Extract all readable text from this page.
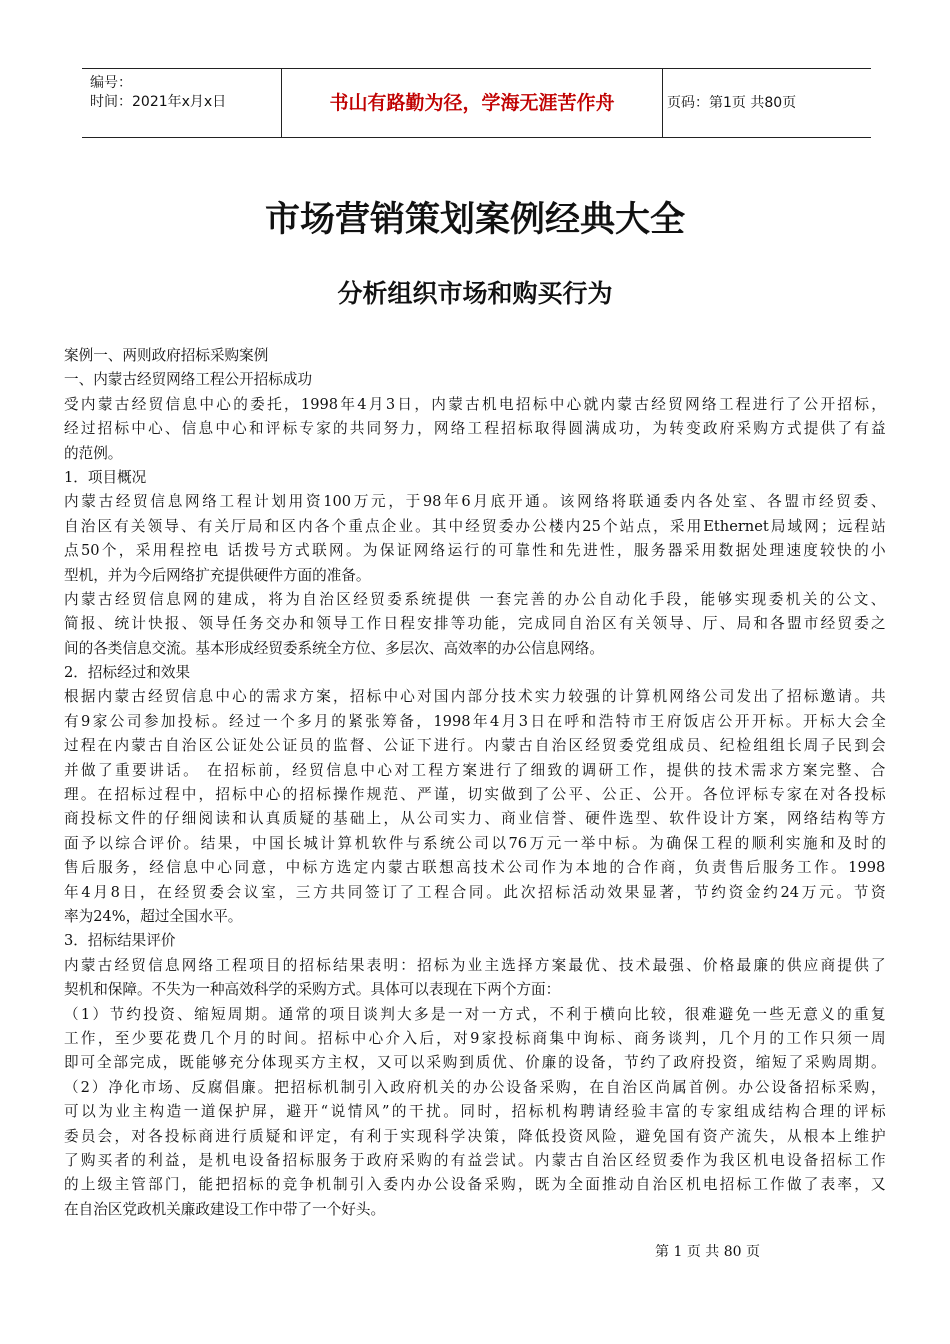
编号：
时间：2021年x月x日	书山有路勤为径，学海无涯苦作舟	页码：第1页 共80页
市场营销策划案例经典大全
分析组织市场和购买行为
案例一、两则政府招标采购案例
一、内蒙古经贸网络工程公开招标成功
受 内 蒙 古 经 贸 信 息 中 心 的 委 托 ， 1998 年 4 月 3 日 ， 内 蒙 古 机 电 招 标 中 心 就 内 蒙 古 经 贸 网 络 工 程 进 行 了 公 开 招 标 ，
经 过 招 标 中 心 、 信 息 中 心 和 评 标 专 家 的 共 同 努 力 ， 网 络 工 程 招 标 取 得 圆 满 成 功 ， 为 转 变 政 府 采 购 方 式 提 供 了 有 益
的范例。
1．项目概况
内 蒙 古 经 贸 信 息 网 络 工 程 计 划 用 资 100 万 元 ， 于 98 年 6 月 底 开 通 。 该 网 络 将 联 通 委 内 各 处 室 、 各 盟 市 经 贸 委 、
自 治 区 有 关 领 导 、 有 关 厅 局 和 区 内 各 个 重 点 企 业 。 其 中 经 贸 委 办 公 楼 内 25 个 站 点 ， 采 用 Ethernet 局 域 网 ； 远 程 站
点 50 个 ， 采 用 程 控 电
话 拨 号 方 式 联 网 。 为 保 证 网 络 运 行 的 可 靠 性 和 先 进 性 ， 服 务 器 采 用 数 据 处 理 速 度 较 快 的 小
型机，并为今后网络扩充提供硬件方面的准备。
内 蒙 古 经 贸 信 息 网 的 建 成 ， 将 为 自 治 区 经 贸 委 系 统 提 供
一 套 完 善 的 办 公 自 动 化 手 段 ， 能 够 实 现 委 机 关 的 公 文 、
简 报 、 统 计 快 报 、 领 导 任 务 交 办 和 领 导 工 作 日 程 安 排 等 功 能 ， 完 成 同 自 治 区 有 关 领 导 、 厅 、 局 和 各 盟 市 经 贸 委 之
间的各类信息交流。基本形成经贸委系统全方位、多层次、高效率的办公信息网络。
2．招标经过和效果
根 据 内 蒙 古 经 贸 信 息 中 心 的 需 求 方 案 ， 招 标 中 心 对 国 内 部 分 技 术 实 力 较 强 的 计 算 机 网 络 公 司 发 出 了 招 标 邀 请 。 共
有 9 家 公 司 参 加 投 标 。 经 过 一 个 多 月 的 紧 张 筹 备 ， 1998 年 4 月 3 日 在 呼 和 浩 特 市 王 府 饭 店 公 开 开 标 。 开 标 大 会 全
过 程 在 内 蒙 古 自 治 区 公 证 处 公 证 员 的 监 督 、 公 证 下 进 行 。 内 蒙 古 自 治 区 经 贸 委 党 组 成 员 、 纪 检 组 组 长 周 子 民 到 会
并 做 了 重 要 讲 话 。
在 招 标 前 ， 经 贸 信 息 中 心 对 工 程 方 案 进 行 了 细 致 的 调 研 工 作 ， 提 供 的 技 术 需 求 方 案 完 整 、 合
理 。 在 招 标 过 程 中 ， 招 标 中 心 的 招 标 操 作 规 范 、 严 谨 ， 切 实 做 到 了 公 平 、 公 正 、 公 开 。 各 位 评 标 专 家 在 对 各 投 标
商 投 标 文 件 的 仔 细 阅 读 和 认 真 质 疑 的 基 础 上 ， 从 公 司 实 力 、 商 业 信 誉 、 硬 件 选 型 、 软 件 设 计 方 案 ， 网 络 结 构 等 方
面 予 以 综 合 评 价 。 结 果 ， 中 国 长 城 计 算 机 软 件 与 系 统 公 司 以 76 万 元 一 举 中 标 。 为 确 保 工 程 的 顺 利 实 施 和 及 时 的
售 后 服 务 ， 经 信 息 中 心 同 意 ， 中 标 方 选 定 内 蒙 古 联 想 高 技 术 公 司 作 为 本 地 的 合 作 商 ， 负 责 售 后 服 务 工 作 。 1998
年 4 月 8 日 ， 在 经 贸 委 会 议 室 ， 三 方 共 同 签 订 了 工 程 合 同 。 此 次 招 标 活 动 效 果 显 著 ， 节 约 资 金 约 24 万 元 。 节 资
率为24%，超过全国水平。
3．招标结果评价
内 蒙 古 经 贸 信 息 网 络 工 程 项 目 的 招 标 结 果 表 明 ： 招 标 为 业 主 选 择 方 案 最 优 、 技 术 最 强 、 价 格 最 廉 的 供 应 商 提 供 了
契机和保障。不失为一种高效科学的采购方式。具体可以表现在下两个方面：
（ 1 ） 节 约 投 资 、 缩 短 周 期 。 通 常 的 项 目 谈 判 大 多 是 一 对 一 方 式 ， 不 利 于 横 向 比 较 ， 很 难 避 免 一 些 无 意 义 的 重 复
工 作 ， 至 少 要 花 费 几 个 月 的 时 间 。 招 标 中 心 介 入 后 ， 对 9 家 投 标 商 集 中 询 标 、 商 务 谈 判 ， 几 个 月 的 工 作 只 须 一 周
即 可 全 部 完 成 ， 既 能 够 充 分 体 现 买 方 主 权 ， 又 可 以 采 购 到 质 优 、 价 廉 的 设 备 ， 节 约 了 政 府 投 资 ， 缩 短 了 采 购 周 期 。
（ 2 ） 净 化 市 场 、 反 腐 倡 廉 。 把 招 标 机 制 引 入 政 府 机 关 的 办 公 设 备 采 购 ， 在 自 治 区 尚 属 首 例 。 办 公 设 备 招 标 采 购 ，
可 以 为 业 主 构 造 一 道 保 护 屏 ， 避 开 “ 说 情 风 ” 的 干 扰 。 同 时 ， 招 标 机 构 聘 请 经 验 丰 富 的 专 家 组 成 结 构 合 理 的 评 标
委 员 会 ， 对 各 投 标 商 进 行 质 疑 和 评 定 ， 有 利 于 实 现 科 学 决 策 ， 降 低 投 资 风 险 ， 避 免 国 有 资 产 流 失 ， 从 根 本 上 维 护
了 购 买 者 的 利 益 ， 是 机 电 设 备 招 标 服 务 于 政 府 采 购 的 有 益 尝 试 。 内 蒙 古 自 治 区 经 贸 委 作 为 我 区 机 电 设 备 招 标 工 作
的 上 级 主 管 部 门 ， 能 把 招 标 的 竞 争 机 制 引 入 委 内 办 公 设 备 采 购 ， 既 为 全 面 推 动 自 治 区 机 电 招 标 工 作 做 了 表 率 ， 又
在自治区党政机关廉政建设工作中带了一个好头。
第 1 页 共 80 页
